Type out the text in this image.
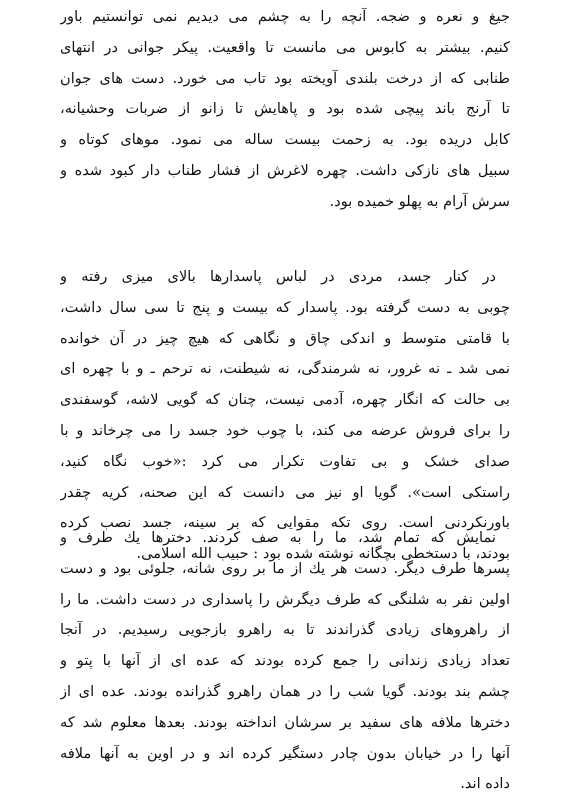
جیغ و نعره و ضجه. آنچه را به چشم می دیدیم نمی توانستیم باور
کنیم. بیشتر به کابوس می مانست تا واقعیت. پیکر جوانی در انتهای
طنابی که از درخت بلندی آویخته بود تاب می خورد. دست های جوان
تا آرنج باند پیچی شده بود و پاهایش تا زانو از ضربات وحشیانه،
کابل دریده بود. به زحمت بیست ساله می نمود. موهای کوتاه و
سبیل های نازکی داشت. چهره لاغرش از فشار طناب دار کبود شده و
سرش آرام به پهلو خمیده بود.
در کنار جسد، مردی در لباس پاسدارها بالای میزی رفته و
چوبی به دست گرفته بود. پاسدار که بیست و پنج تا سی سال داشت،
با قامتی متوسط و اندکی چاق و نگاهی که هیچ چیز در آن خوانده
نمی شد ـ نه غرور، نه شرمندگی، نه شیطنت، نه ترحم ـ و با چهره ای
بی حالت که انگار چهره، آدمی نیست، چنان که گویی لاشه، گوسفندی
را برای فروش عرضه می کند، با چوب خود جسد را می چرخاند و با
صدای خشک و بی تفاوت تکرار می کرد :«خوب نگاه کنید،
راستکی است». گویا او نیز می دانست که این صحنه، کریه چقدر
باورنکردنی است. روی تکه مقوایی که بر سینه، جسد نصب کرده
بودند، با دستخطی بچگانه نوشته شده بود : حبیب الله اسلامی.
نمایش که تمام شد، ما را به صف کردند. دخترها یك طرف و
پسرها طرف دیگر. دست هر یك از ما بر روی شانه، جلوئی بود و دست
اولین نفر به شلنگی که طرف دیگرش را پاسداری در دست داشت. ما را
از راهروهای زیادی گذراندند تا به راهرو بازجویی رسیدیم. در آنجا
تعداد زیادی زندانی را جمع کرده بودند که عده ای از آنها با پتو و
چشم بند بودند. گویا شب را در همان راهرو گذرانده بودند. عده ای از
دخترها ملافه های سفید بر سرشان انداخته بودند. بعدها معلوم شد که
آنها را در خیابان بدون چادر دستگیر کرده اند و در اوین به آنها ملافه
داده اند.
